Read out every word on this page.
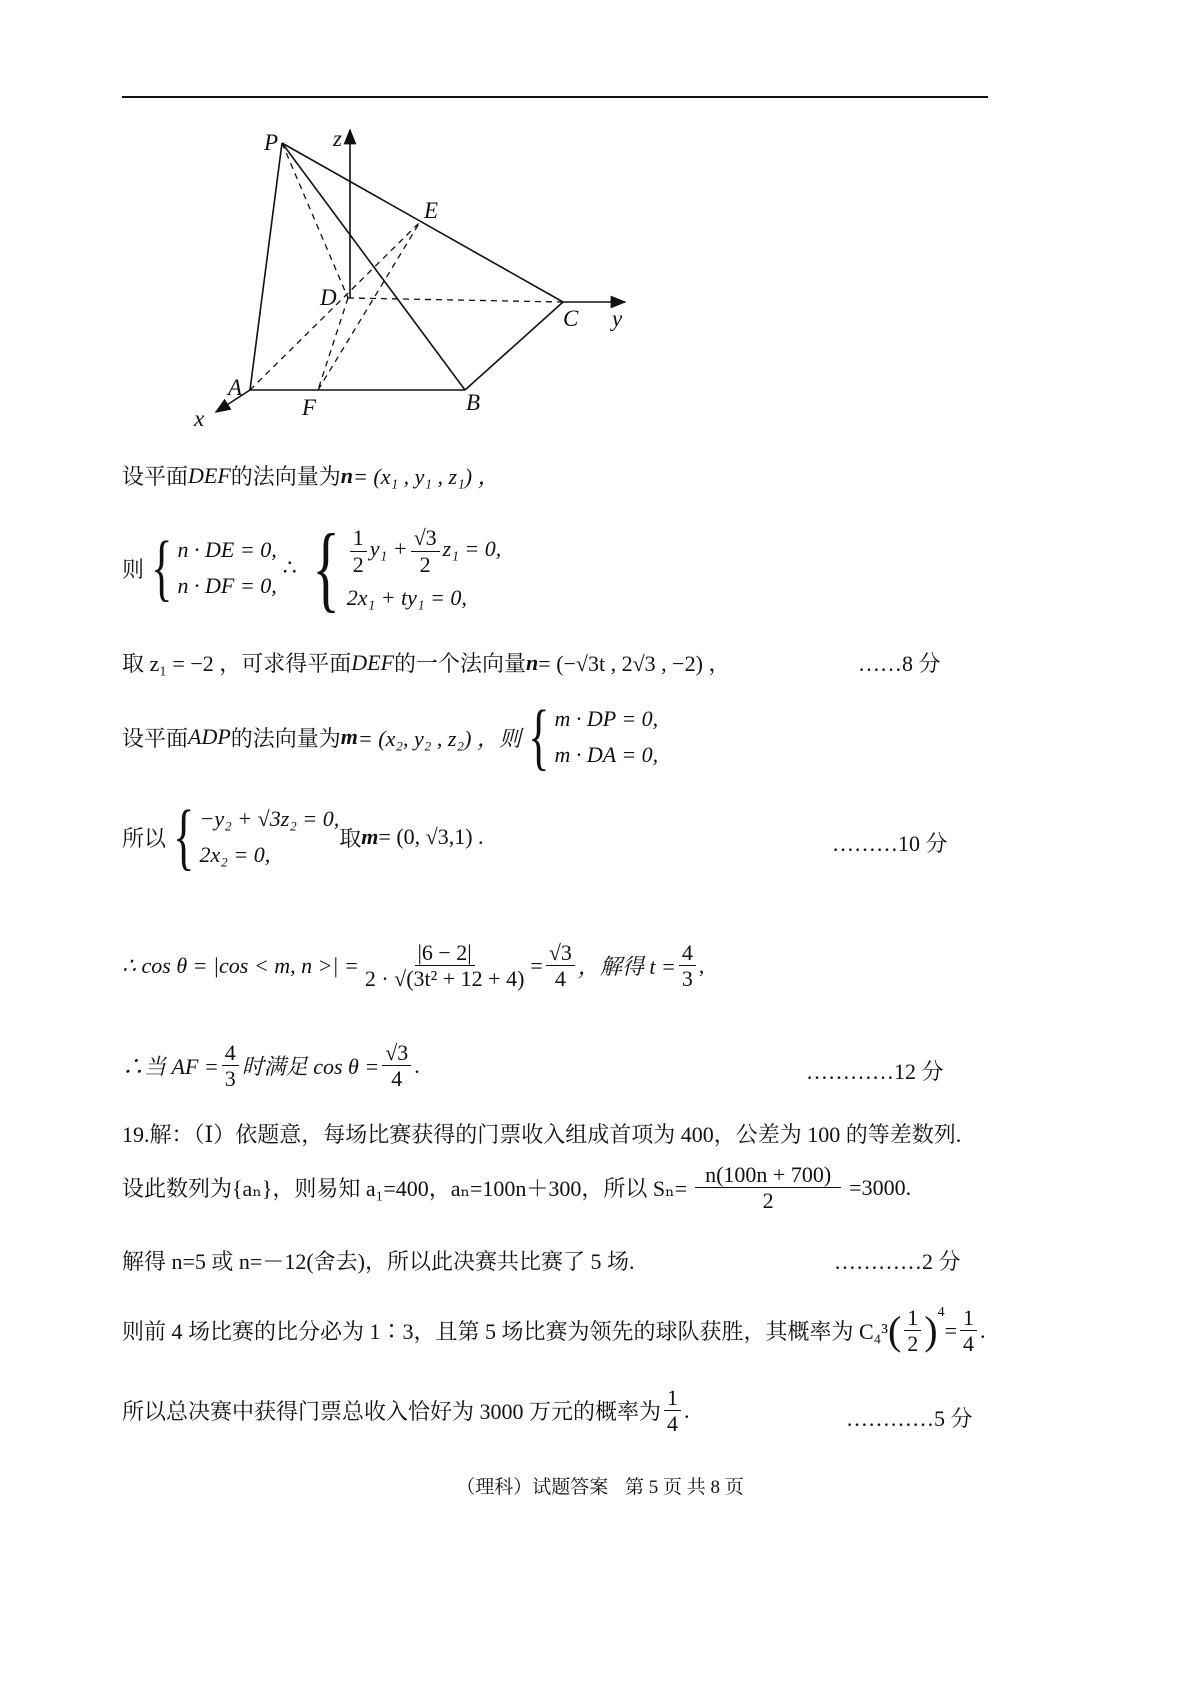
P z
E
D
C y
A
F	B
x
设平面 DEF 的法向量为 n = (x₁ , y₁ , z₁) ，
则 { n · DE = 0,
n · DF = 0,
∴ { $\frac{1}{2} y_1 + \frac{√3}{2} z_1 = 0$,
2x₁ + ty₁ = 0,
取 z₁ = −2 ，可求得平面 DEF 的一个法向量 n = (−√3t , 2√3 , −2) ，	……8 分
设平面 ADP 的法向量为 m = (x₂, y₂ , z₂) ，则 { m · DP = 0,
m · DA = 0,
所以 { −y₂ + √3z₂ = 0,
2x₂ = 0,
取 m = (0, √3,1) .	………10 分
∴ cos θ = |cos < m, n >| = $\frac{|6 - 2|}{\text{2 · √(3t² + 12 + 4)}} = \frac{√3}{4}$ ，解得 $t = \frac{4}{3}$ ,
∴当 AF = $\frac{4}{3}$ 时满足 $\cos \theta = \frac{√3}{4}$ .	…………12 分
19.解：（Ⅰ）依题意，每场比赛获得的门票收入组成首项为 400，公差为 100 的等差数列.
设此数列为{aₙ}，则易知 a₁=400，aₙ=100n＋300，所以 $S_n= \frac{n(100n + 700)}{2} =3000$.
解得 n=5 或 n=－12(舍去)，所以此决赛共比赛了 5 场.	…………2 分
则前 4 场比赛的比分必为 1∶3，且第 5 场比赛为领先的球队获胜，其概率为 C₄³ ( $\frac{1}{2} )^4$
= $\frac{1}{4}$ .
所以总决赛中获得门票总收入恰好为 3000 万元的概率为 $\frac{1}{4}$ .	…………5 分
（理科）试题答案 第 5 页 共 8 页
